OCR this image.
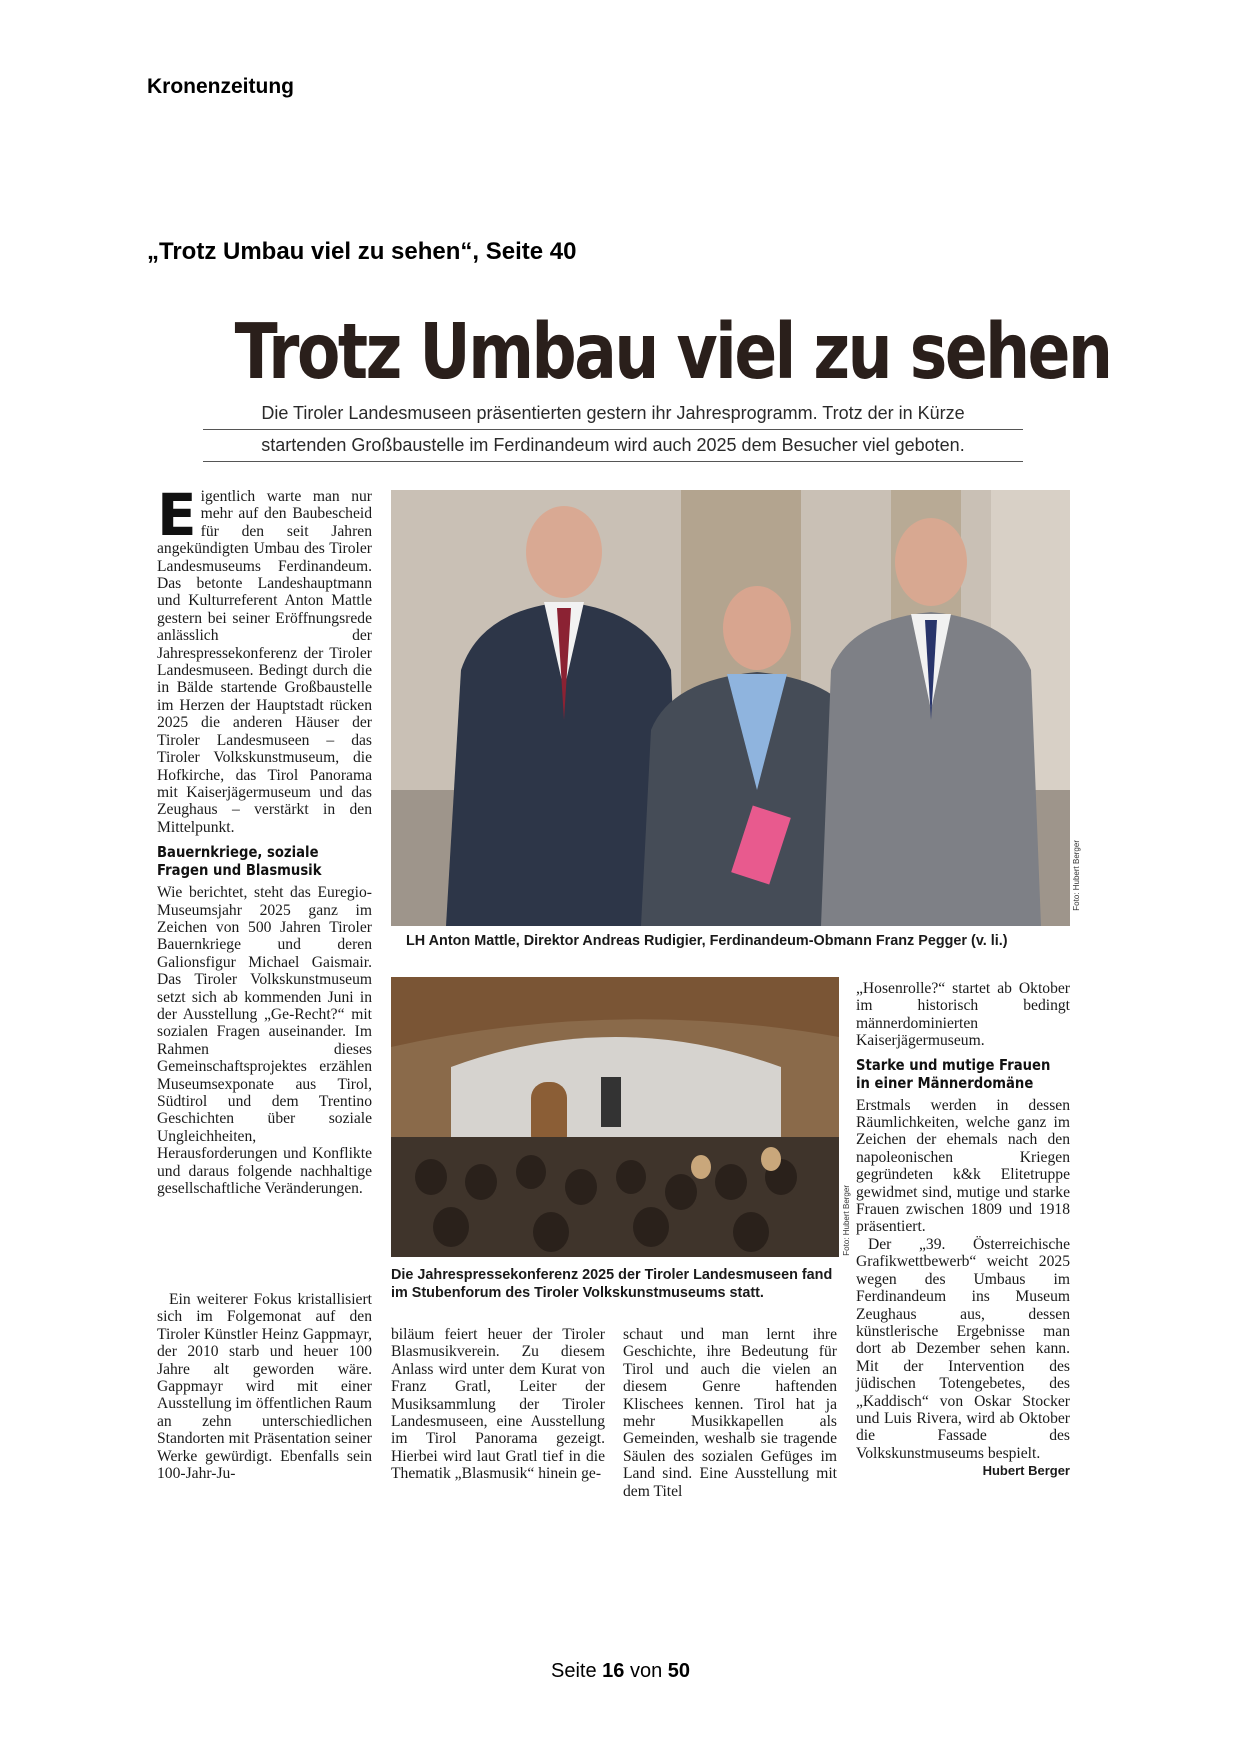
Kronenzeitung
„Trotz Umbau viel zu sehen“, Seite 40
Trotz Umbau viel zu sehen
Die Tiroler Landesmuseen präsentierten gestern ihr Jahresprogramm. Trotz der in Kürze
startenden Großbaustelle im Ferdinandeum wird auch 2025 dem Besucher viel geboten.
E igentlich warte man nur mehr auf den Baubescheid für den seit Jahren angekündigten Umbau des Tiroler Landesmuseums Ferdinandeum. Das betonte Landeshauptmann und Kulturreferent Anton Mattle gestern bei seiner Eröffnungsrede anlässlich der Jahrespressekonferenz der Tiroler Landesmuseen. Bedingt durch die in Bälde startende Großbaustelle im Herzen der Hauptstadt rücken 2025 die anderen Häuser der Tiroler Landesmuseen – das Tiroler Volkskunstmuseum, die Hofkirche, das Tirol Panorama mit Kaiserjägermuseum und das Zeughaus – verstärkt in den Mittelpunkt.

Bauernkriege, soziale

Fragen und Blasmusik

Wie berichtet, steht das Euregio-Museumsjahr 2025 ganz im Zeichen von 500 Jahren Tiroler Bauernkriege und deren Galionsfigur Michael Gaismair. Das Tiroler Volkskunstmuseum setzt sich ab kommenden Juni in der Ausstellung „Ge-Recht?“ mit sozialen Fragen auseinander. Im Rahmen dieses Gemeinschaftsprojektes erzählen Museumsexponate aus Tirol, Südtirol und dem Trentino Geschichten über soziale Ungleichheiten, Herausforderungen und Konflikte und daraus folgende nachhaltige gesellschaftliche Veränderungen.

Ein weiterer Fokus kristallisiert sich im Folgemonat auf den Tiroler Künstler Heinz Gappmayr, der 2010 starb und heuer 100 Jahre alt geworden wäre. Gappmayr wird mit einer Ausstellung im öffentlichen Raum an zehn unterschiedlichen Standorten mit Präsentation seiner Werke gewürdigt. Ebenfalls sein 100-Jahr-Ju-

Foto: Hubert Berger
LH Anton Mattle, Direktor Andreas Rudigier, Ferdinandeum-Obmann Franz Pegger (v. li.)
Foto: Hubert Berger
Die Jahrespressekonferenz 2025 der Tiroler Landesmuseen fand im Stubenforum des Tiroler Volkskunstmuseums statt.

biläum feiert heuer der Tiroler Blasmusikverein. Zu diesem Anlass wird unter dem Kurat von Franz Gratl, Leiter der Musiksammlung der Tiroler Landesmuseen, eine Ausstellung im Tirol Panorama gezeigt. Hierbei wird laut Gratl tief in die Thematik „Blasmusik“ hinein ge-

schaut und man lernt ihre Geschichte, ihre Bedeutung für Tirol und auch die vielen an diesem Genre haftenden Klischees kennen. Tirol hat ja mehr Musikkapellen als Gemeinden, weshalb sie tragende Säulen des sozialen Gefüges im Land sind. Eine Ausstellung mit dem Titel

„Hosenrolle?“ startet ab Oktober im historisch bedingt männerdominierten Kaiserjägermuseum.

Starke und mutige Frauen

in einer Männerdomäne

Erstmals werden in dessen Räumlichkeiten, welche ganz im Zeichen der ehemals nach den napoleonischen Kriegen gegründeten k&k Elitetruppe gewidmet sind, mutige und starke Frauen zwischen 1809 und 1918 präsentiert.

Der „39. Österreichische Grafikwettbewerb“ weicht 2025 wegen des Umbaus im Ferdinandeum ins Museum Zeughaus aus, dessen künstlerische Ergebnisse man dort ab Dezember sehen kann. Mit der Intervention des jüdischen Totengebetes, des „Kaddisch“ von Oskar Stocker und Luis Rivera, wird ab Oktober die Fassade des Volkskunstmuseums bespielt.
Hubert Berger

Seite 16 von 50
